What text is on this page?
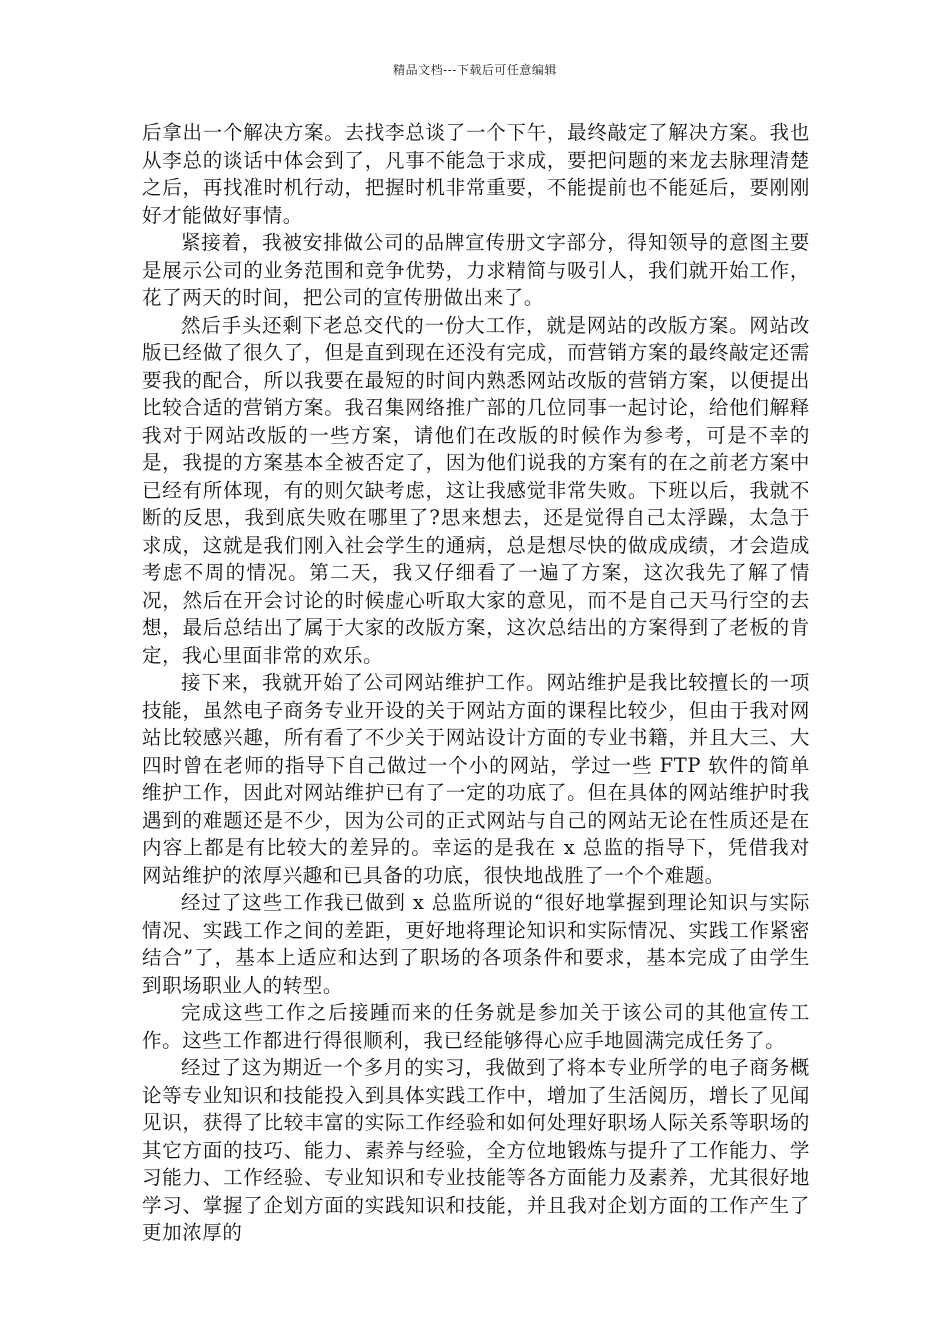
精品文档---下载后可任意编辑

后拿出一个解决方案。去找李总谈了一个下午，最终敲定了解决方案。我也从李总的谈话中体会到了，凡事不能急于求成，要把问题的来龙去脉理清楚之后，再找准时机行动，把握时机非常重要，不能提前也不能延后，要刚刚好才能做好事情。

紧接着，我被安排做公司的品牌宣传册文字部分，得知领导的意图主要是展示公司的业务范围和竞争优势，力求精简与吸引人，我们就开始工作，花了两天的时间，把公司的宣传册做出来了。

然后手头还剩下老总交代的一份大工作，就是网站的改版方案。网站改版已经做了很久了，但是直到现在还没有完成，而营销方案的最终敲定还需要我的配合，所以我要在最短的时间内熟悉网站改版的营销方案，以便提出比较合适的营销方案。我召集网络推广部的几位同事一起讨论，给他们解释我对于网站改版的一些方案，请他们在改版的时候作为参考，可是不幸的是，我提的方案基本全被否定了，因为他们说我的方案有的在之前老方案中已经有所体现，有的则欠缺考虑，这让我感觉非常失败。下班以后，我就不断的反思，我到底失败在哪里了?思来想去，还是觉得自己太浮躁，太急于求成，这就是我们刚入社会学生的通病，总是想尽快的做成成绩，才会造成考虑不周的情况。第二天，我又仔细看了一遍了方案，这次我先了解了情况，然后在开会讨论的时候虚心听取大家的意见，而不是自己天马行空的去想，最后总结出了属于大家的改版方案，这次总结出的方案得到了老板的肯定，我心里面非常的欢乐。

接下来，我就开始了公司网站维护工作。网站维护是我比较擅长的一项技能，虽然电子商务专业开设的关于网站方面的课程比较少，但由于我对网站比较感兴趣，所有看了不少关于网站设计方面的专业书籍，并且大三、大四时曾在老师的指导下自己做过一个小的网站，学过一些 FTP 软件的简单维护工作，因此对网站维护已有了一定的功底了。但在具体的网站维护时我遇到的难题还是不少，因为公司的正式网站与自己的网站无论在性质还是在内容上都是有比较大的差异的。幸运的是我在 x 总监的指导下，凭借我对网站维护的浓厚兴趣和已具备的功底，很快地战胜了一个个难题。

经过了这些工作我已做到 x 总监所说的“很好地掌握到理论知识与实际情况、实践工作之间的差距，更好地将理论知识和实际情况、实践工作紧密结合”了，基本上适应和达到了职场的各项条件和要求，基本完成了由学生到职场职业人的转型。

完成这些工作之后接踵而来的任务就是参加关于该公司的其他宣传工作。这些工作都进行得很顺利，我已经能够得心应手地圆满完成任务了。

经过了这为期近一个多月的实习，我做到了将本专业所学的电子商务概论等专业知识和技能投入到具体实践工作中，增加了生活阅历，增长了见闻见识，获得了比较丰富的实际工作经验和如何处理好职场人际关系等职场的其它方面的技巧、能力、素养与经验，全方位地锻炼与提升了工作能力、学习能力、工作经验、专业知识和专业技能等各方面能力及素养，尤其很好地学习、掌握了企划方面的实践知识和技能，并且我对企划方面的工作产生了更加浓厚的
